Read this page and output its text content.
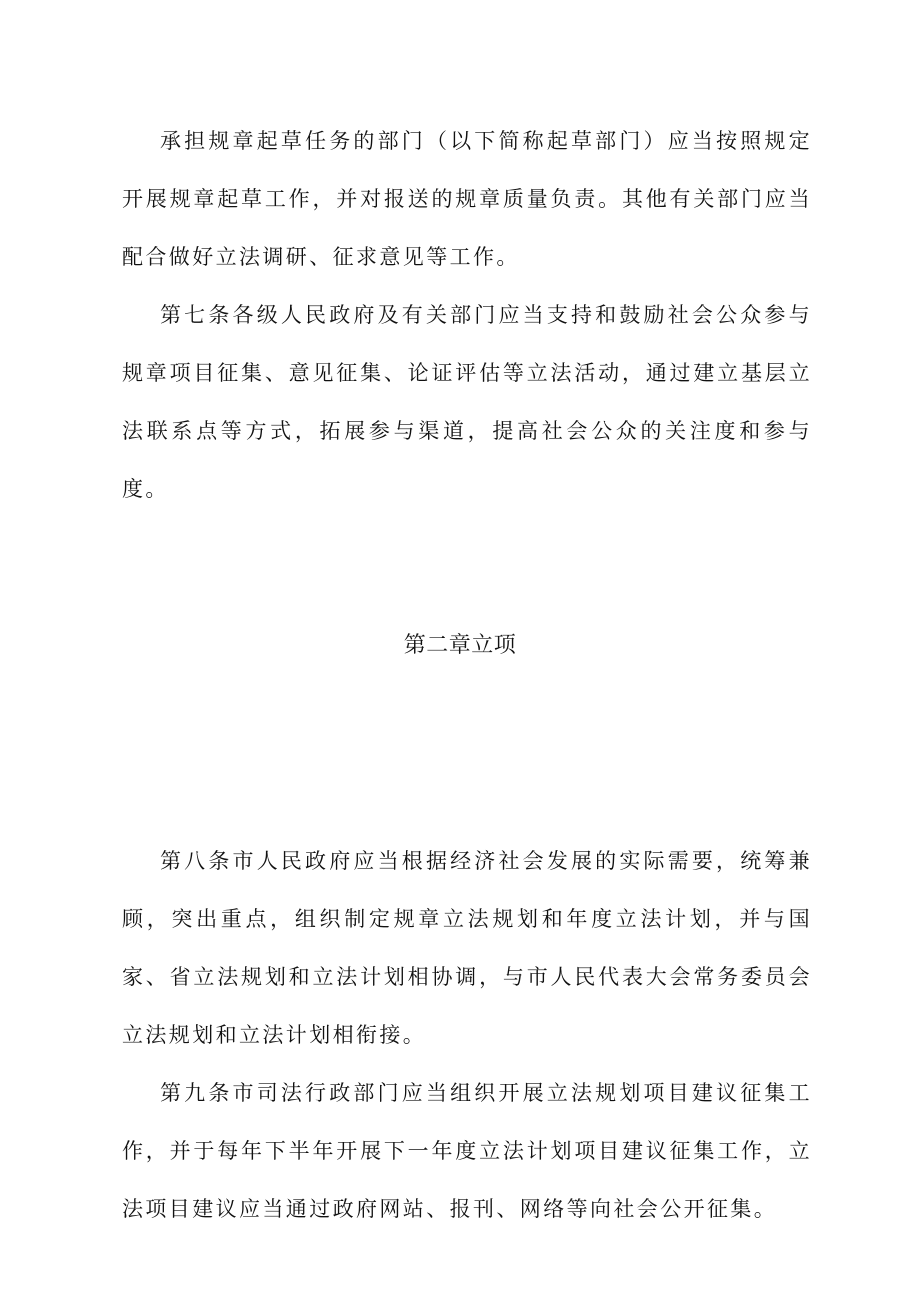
承担规章起草任务的部门（以下简称起草部门）应当按照规定开展规章起草工作，并对报送的规章质量负责。其他有关部门应当配合做好立法调研、征求意见等工作。

第七条各级人民政府及有关部门应当支持和鼓励社会公众参与规章项目征集、意见征集、论证评估等立法活动，通过建立基层立法联系点等方式，拓展参与渠道，提高社会公众的关注度和参与度。

第二章立项

第八条市人民政府应当根据经济社会发展的实际需要，统筹兼顾，突出重点，组织制定规章立法规划和年度立法计划，并与国家、省立法规划和立法计划相协调，与市人民代表大会常务委员会立法规划和立法计划相衔接。

第九条市司法行政部门应当组织开展立法规划项目建议征集工作，并于每年下半年开展下一年度立法计划项目建议征集工作，立法项目建议应当通过政府网站、报刊、网络等向社会公开征集。
